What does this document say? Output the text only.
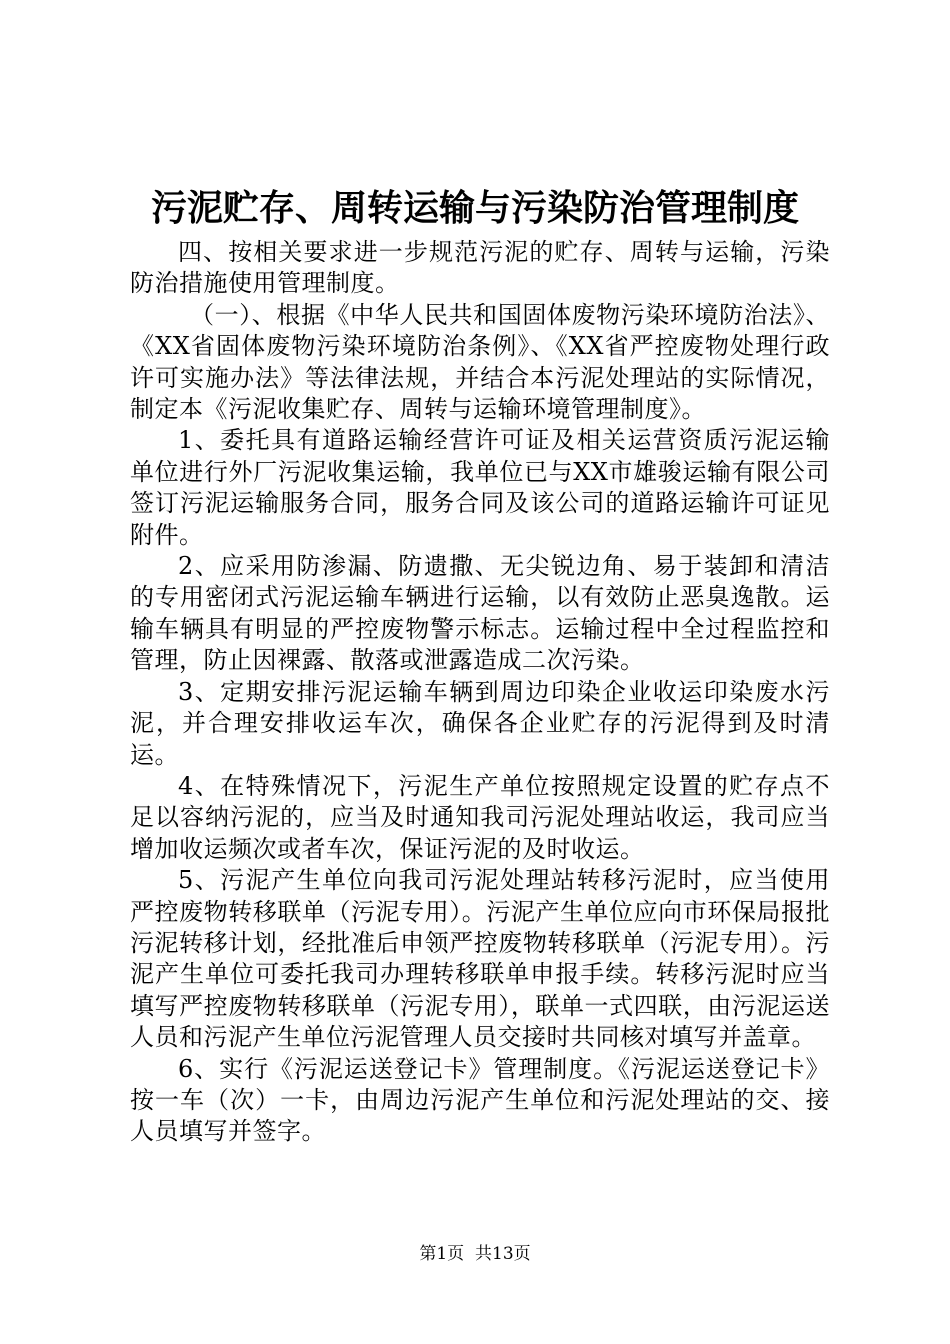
污泥贮存、周转运输与污染防治管理制度

四、按相关要求进一步规范污泥的贮存、周转与运输，污染防治措施使用管理制度。

（一）、根据《中华人民共和国固体废物污染环境防治法》、《XX省固体废物污染环境防治条例》、《XX省严控废物处理行政许可实施办法》等法律法规，并结合本污泥处理站的实际情况，制定本《污泥收集贮存、周转与运输环境管理制度》。

1、委托具有道路运输经营许可证及相关运营资质污泥运输单位进行外厂污泥收集运输，我单位已与XX市雄骏运输有限公司签订污泥运输服务合同，服务合同及该公司的道路运输许可证见附件。

2、应采用防渗漏、防遗撒、无尖锐边角、易于装卸和清洁的专用密闭式污泥运输车辆进行运输，以有效防止恶臭逸散。运输车辆具有明显的严控废物警示标志。运输过程中全过程监控和管理，防止因裸露、散落或泄露造成二次污染。

3、定期安排污泥运输车辆到周边印染企业收运印染废水污泥，并合理安排收运车次，确保各企业贮存的污泥得到及时清运。

4、在特殊情况下，污泥生产单位按照规定设置的贮存点不足以容纳污泥的，应当及时通知我司污泥处理站收运，我司应当增加收运频次或者车次，保证污泥的及时收运。

5、污泥产生单位向我司污泥处理站转移污泥时，应当使用严控废物转移联单（污泥专用）。污泥产生单位应向市环保局报批污泥转移计划，经批准后申领严控废物转移联单（污泥专用）。污泥产生单位可委托我司办理转移联单申报手续。转移污泥时应当填写严控废物转移联单（污泥专用），联单一式四联，由污泥运送人员和污泥产生单位污泥管理人员交接时共同核对填写并盖章。

6、实行《污泥运送登记卡》管理制度。《污泥运送登记卡》按一车（次）一卡，由周边污泥产生单位和污泥处理站的交、接人员填写并签字。

第1页 共13页
